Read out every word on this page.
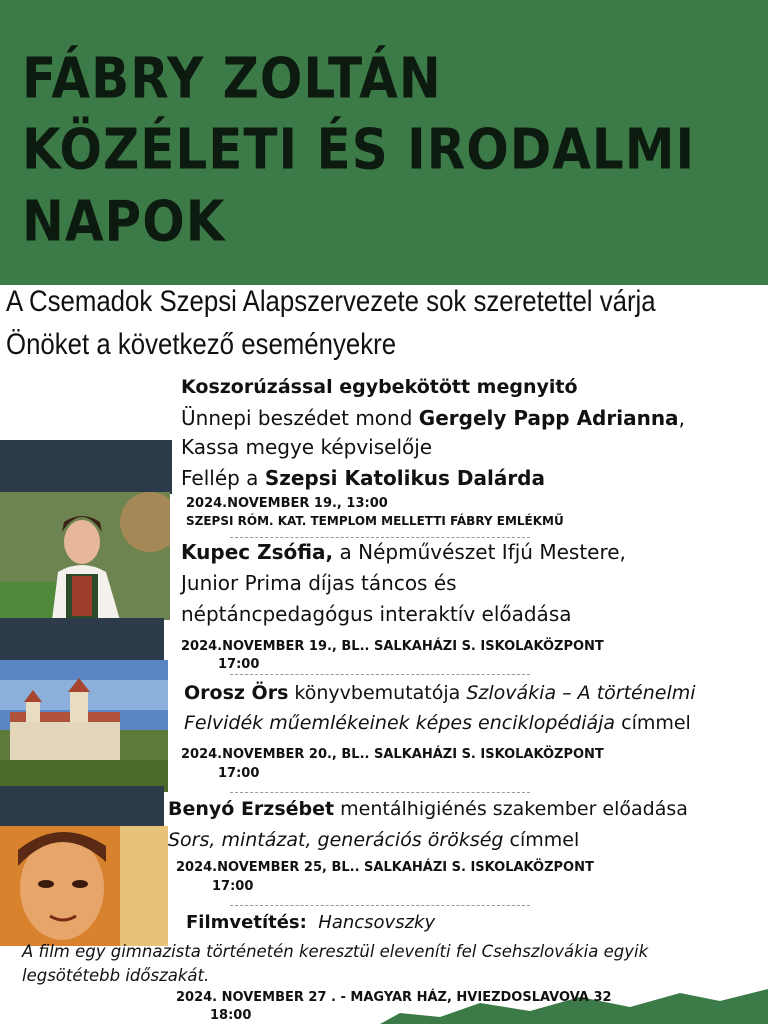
FÁBRY ZOLTÁN
KÖZÉLETI ÉS IRODALMI
NAPOK
A Csemadok Szepsi Alapszervezete sok szeretettel várja
Önöket a következő eseményekre
Koszorúzással egybekötött megnyitó
Ünnepi beszédet mond Gergely Papp Adrianna,
Kassa megye képviselője
Fellép a Szepsi Katolikus Dalárda
2024.NOVEMBER 19., 13:00
SZEPSI RÓM. KAT. TEMPLOM MELLETTI FÁBRY EMLÉKMŰ
Kupec Zsófia, a Népművészet Ifjú Mestere,
Junior Prima díjas táncos és
néptáncpedagógus interaktív előadása
2024.NOVEMBER 19., BL.. SALKAHÁZI S. ISKOLAKÖZPONT
17:00
Orosz Örs könyvbemutatója Szlovákia – A történelmi
Felvidék műemlékeinek képes enciklopédiája címmel
2024.NOVEMBER 20., BL.. SALKAHÁZI S. ISKOLAKÖZPONT
17:00
Benyó Erzsébet mentálhigiénés szakember előadása
Sors, mintázat, generációs örökség címmel
2024.NOVEMBER 25, BL.. SALKAHÁZI S. ISKOLAKÖZPONT
17:00
Filmvetítés: Hancsovszky
A film egy gimnazista történetén keresztül eleveníti fel Csehszlovákia egyik
legsötétebb időszakát.
2024. NOVEMBER 27 . - MAGYAR HÁZ, HVIEZDOSLAVOVA 32
18:00
